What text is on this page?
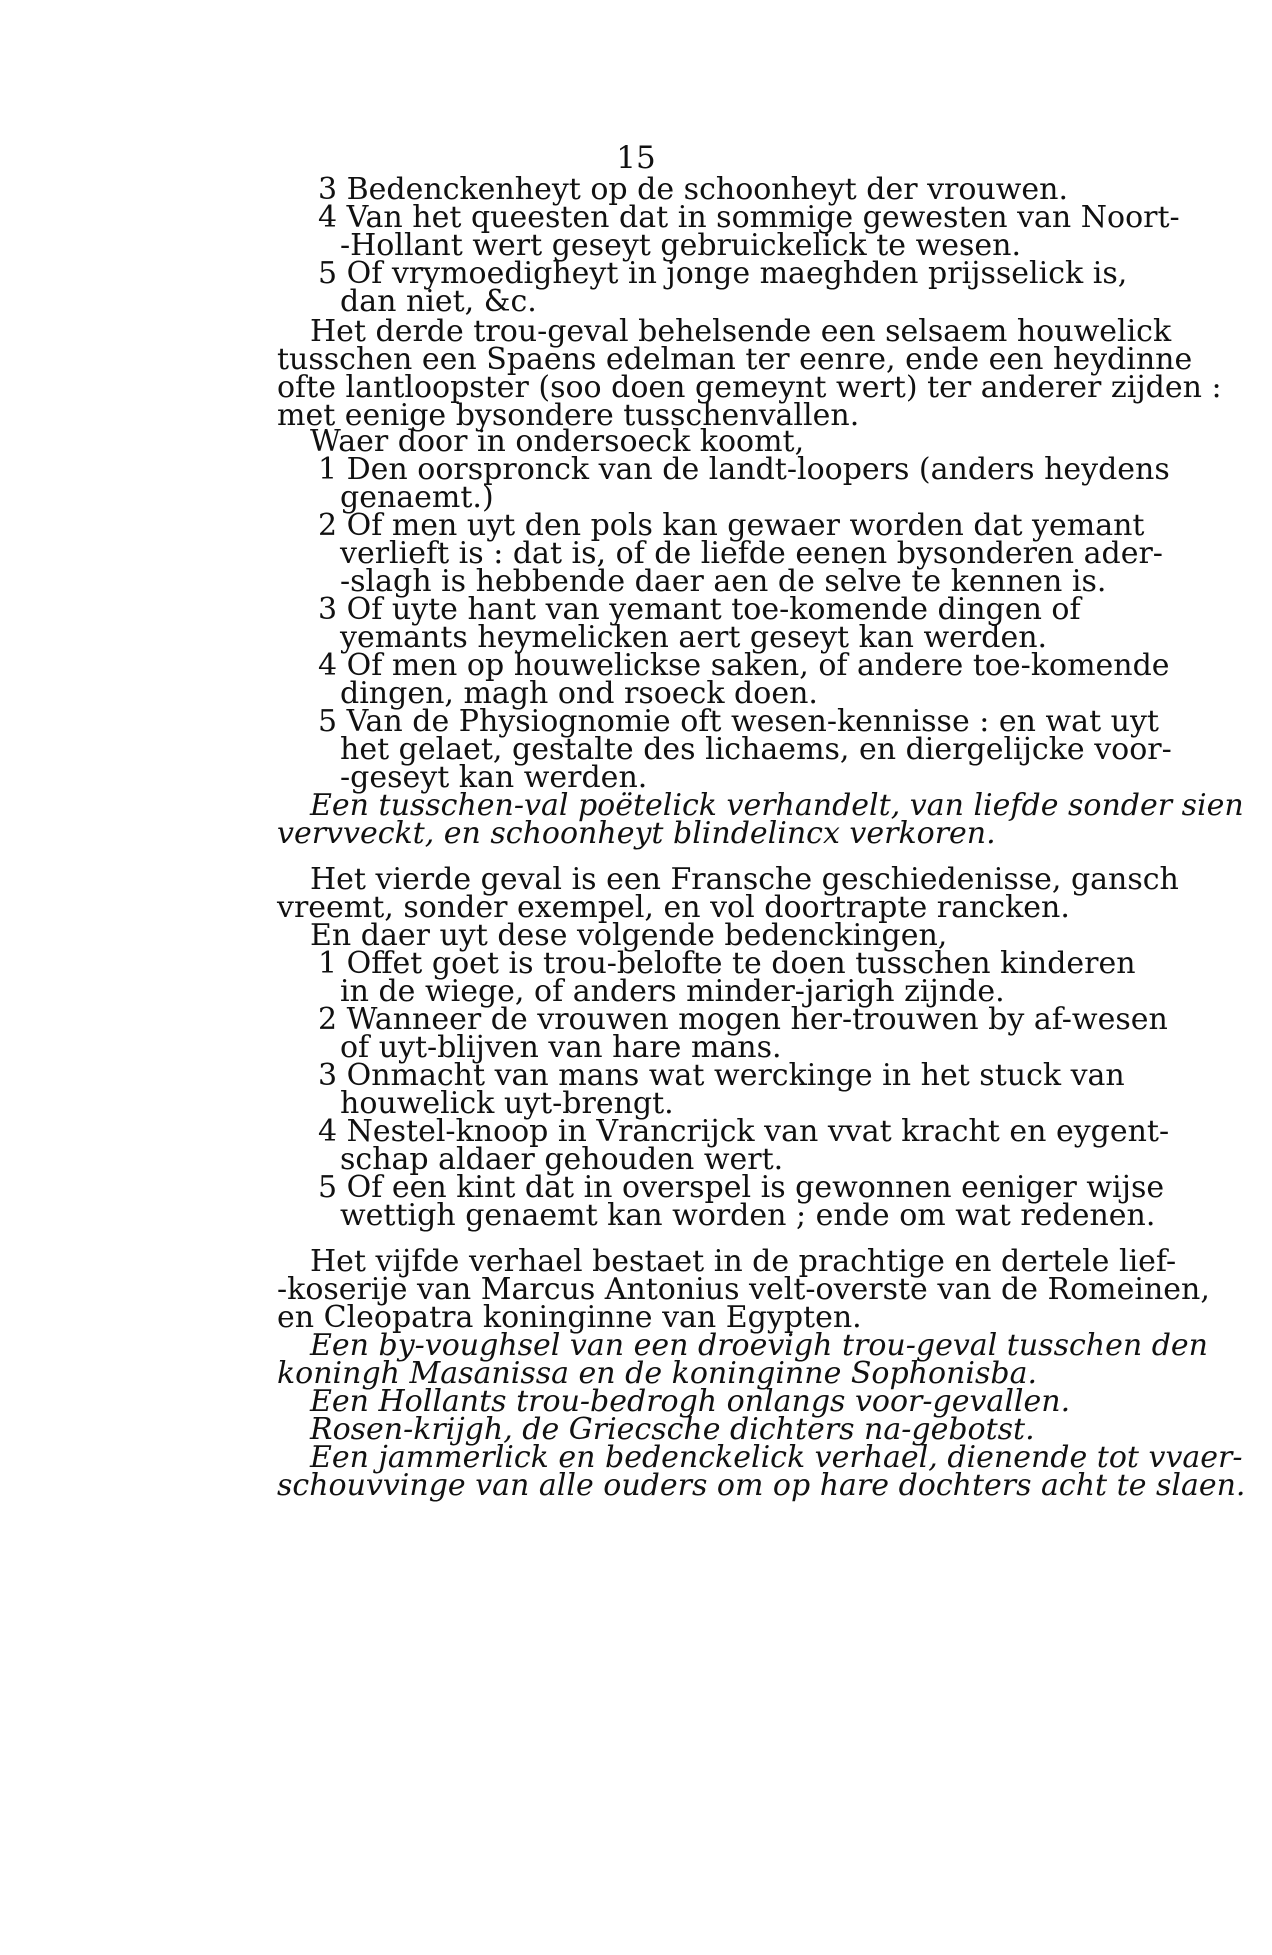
15
3 Bedenckenheyt op de schoonheyt der vrouwen.
4 Van het queesten dat in sommige gewesten van Noort-
-Hollant wert geseyt gebruickelick te wesen.
5 Of vrymoedigheyt in jonge maeghden prijsselick is,
dan niet, &c.
Het derde trou-geval behelsende een selsaem houwelick
tusschen een Spaens edelman ter eenre, ende een heydinne
ofte lantloopster (soo doen gemeynt wert) ter anderer zijden :
met eenige bysondere tusschenvallen.
Waer door in ondersoeck koomt,
1 Den oorspronck van de landt-loopers (anders heydens
genaemt.)
2 Of men uyt den pols kan gewaer worden dat yemant
verlieft is : dat is, of de liefde eenen bysonderen ader-
-slagh is hebbende daer aen de selve te kennen is.
3 Of uyte hant van yemant toe-komende dingen of
yemants heymelicken aert geseyt kan werden.
4 Of men op houwelickse saken, of andere toe-komende
dingen, magh ond rsoeck doen.
5 Van de Physiognomie oft wesen-kennisse : en wat uyt
het gelaet, gestalte des lichaems, en diergelijcke voor-
-geseyt kan werden.
Een tusschen-val poëtelick verhandelt, van liefde sonder sien
vervveckt, en schoonheyt blindelincx verkoren.
Het vierde geval is een Fransche geschiedenisse, gansch
vreemt, sonder exempel, en vol doortrapte rancken.
En daer uyt dese volgende bedenckingen,
1 Offet goet is trou-belofte te doen tusschen kinderen
in de wiege, of anders minder-jarigh zijnde.
2 Wanneer de vrouwen mogen her-trouwen by af-wesen
of uyt-blijven van hare mans.
3 Onmacht van mans wat werckinge in het stuck van
houwelick uyt-brengt.
4 Nestel-knoop in Vrancrijck van vvat kracht en eygent-
schap aldaer gehouden wert.
5 Of een kint dat in overspel is gewonnen eeniger wijse
wettigh genaemt kan worden ; ende om wat redenen.
Het vijfde verhael bestaet in de prachtige en dertele lief-
-koserije van Marcus Antonius velt-overste van de Romeinen,
en Cleopatra koninginne van Egypten.
Een by-voughsel van een droevigh trou-geval tusschen den
koningh Masanissa en de koninginne Sophonisba.
Een Hollants trou-bedrogh onlangs voor-gevallen.
Rosen-krijgh, de Griecsche dichters na-gebotst.
Een jammerlick en bedenckelick verhael, dienende tot vvaer-
schouvvinge van alle ouders om op hare dochters acht te slaen.
